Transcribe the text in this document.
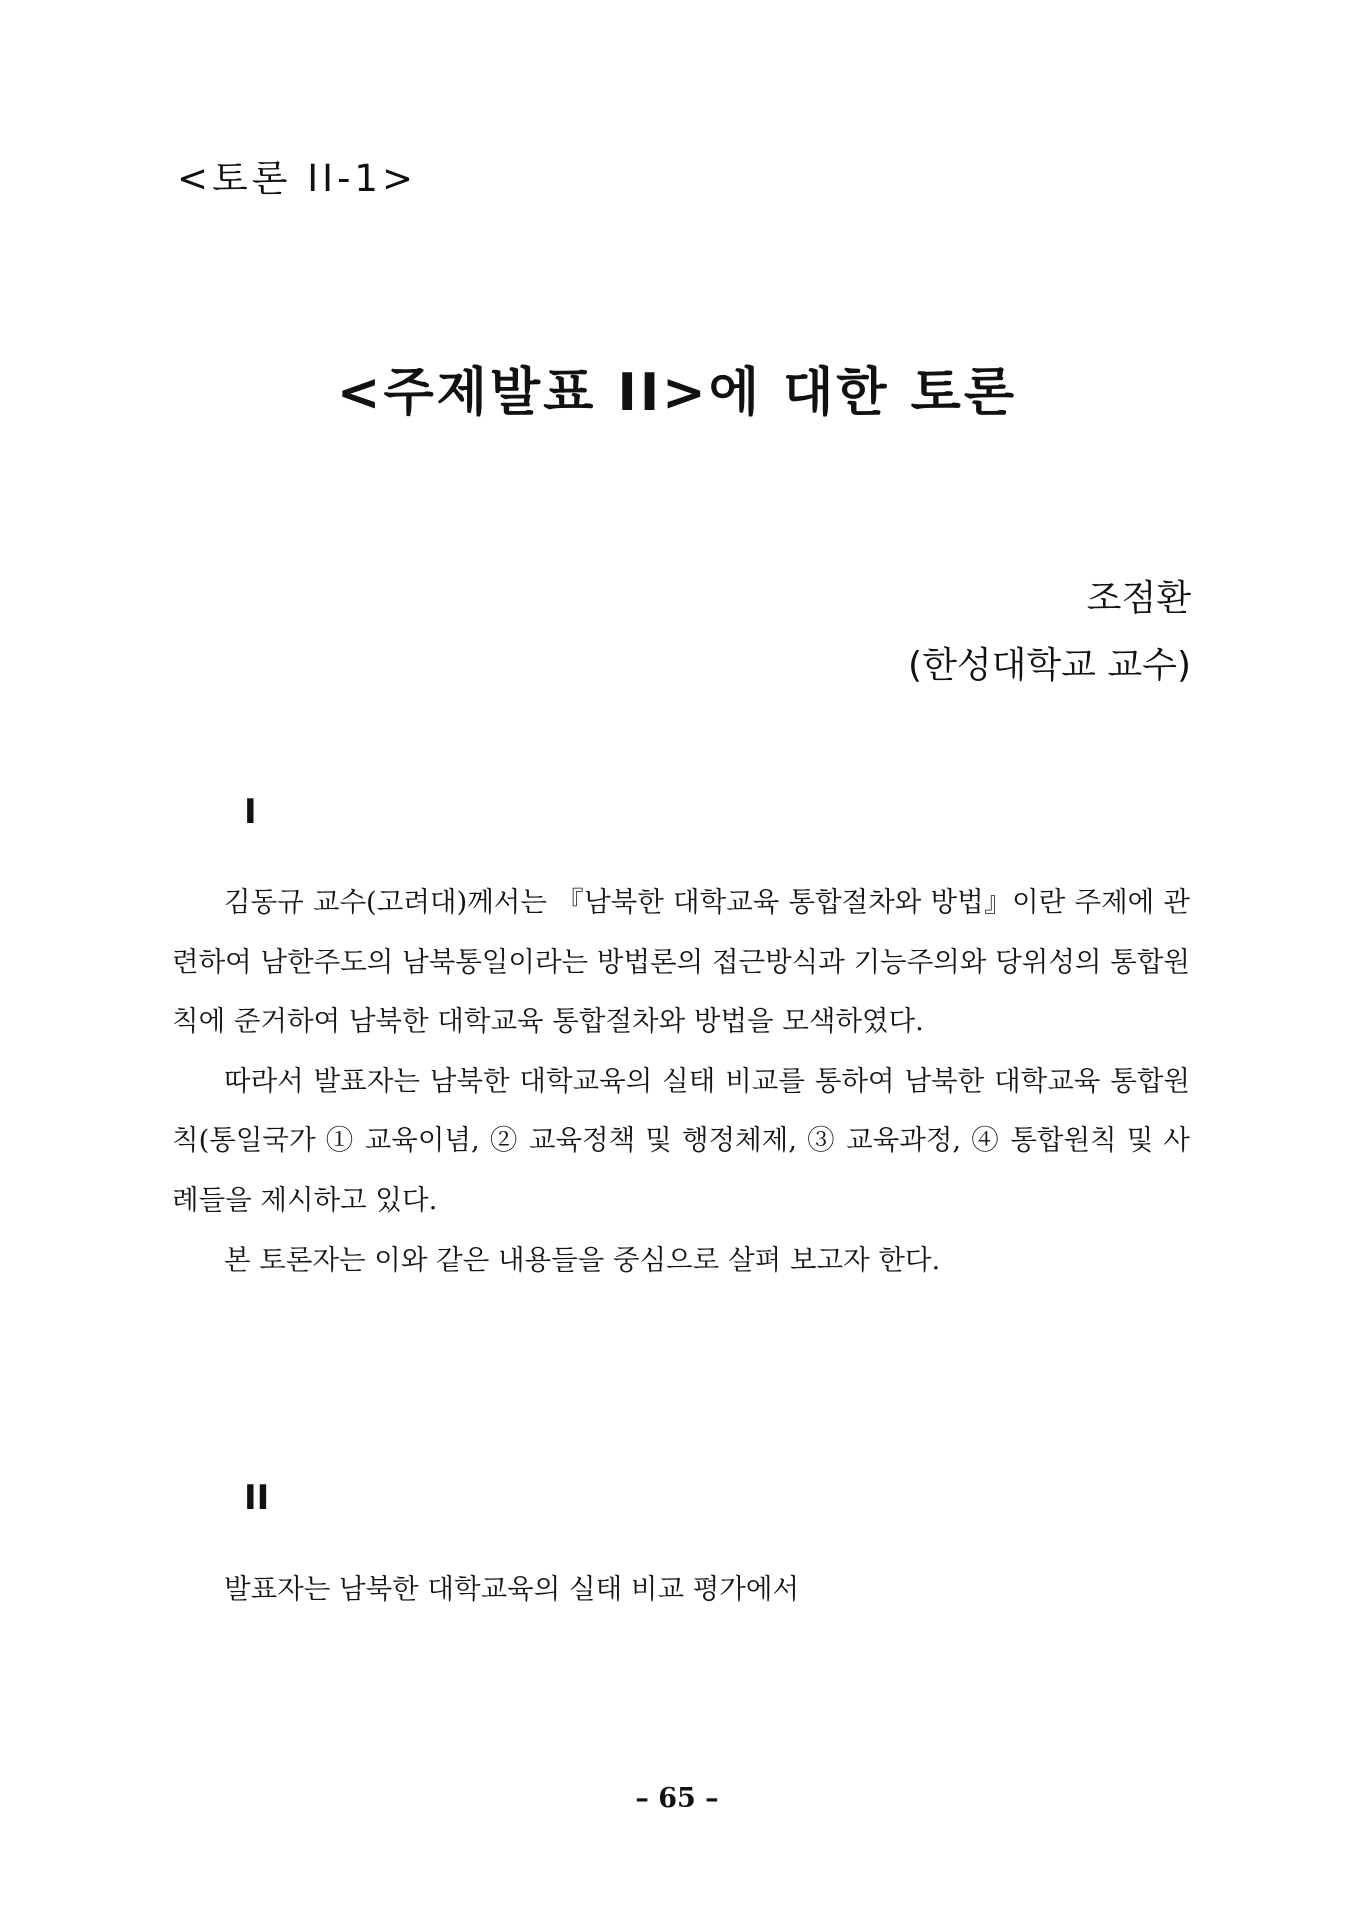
<토론 II-1>
<주제발표 II>에 대한 토론
조점환
(한성대학교 교수)
I

김동규 교수(고려대)께서는 『남북한 대학교육 통합절차와 방법』이란 주제에 관련하여 남한주도의 남북통일이라는 방법론의 접근방식과 기능주의와 당위성의 통합원칙에 준거하여 남북한 대학교육 통합절차와 방법을 모색하였다.

따라서 발표자는 남북한 대학교육의 실태 비교를 통하여 남북한 대학교육 통합원칙(통일국가 ① 교육이념, ② 교육정책 및 행정체제, ③ 교육과정, ④ 통합원칙 및 사례들을 제시하고 있다.

본 토론자는 이와 같은 내용들을 중심으로 살펴 보고자 한다.

II

발표자는 남북한 대학교육의 실태 비교 평가에서

– 65 –
